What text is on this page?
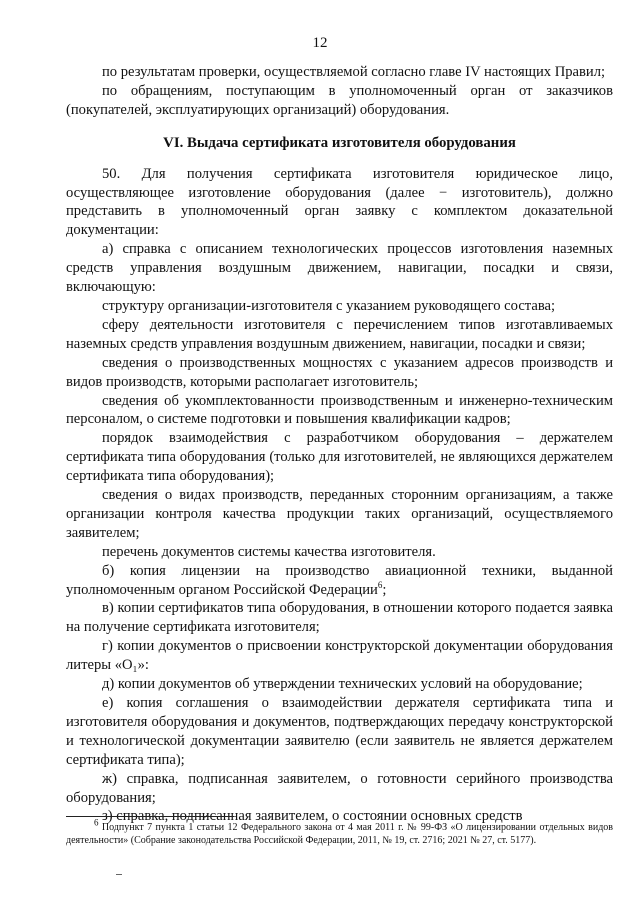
12

по результатам проверки, осуществляемой согласно главе IV настоящих Правил;

по обращениям, поступающим в уполномоченный орган от заказчиков (покупателей, эксплуатирующих организаций) оборудования.

VI. Выдача сертификата изготовителя оборудования

50. Для получения сертификата изготовителя юридическое лицо, осуществляющее изготовление оборудования (далее − изготовитель), должно представить в уполномоченный орган заявку с комплектом доказательной документации:

а) справка с описанием технологических процессов изготовления наземных средств управления воздушным движением, навигации, посадки и связи, включающую:

структуру организации-изготовителя с указанием руководящего состава;

сферу деятельности изготовителя с перечислением типов изготавливаемых наземных средств управления воздушным движением, навигации, посадки и связи;

сведения о производственных мощностях с указанием адресов производств и видов производств, которыми располагает изготовитель;

сведения об укомплектованности производственным и инженерно-техническим персоналом, о системе подготовки и повышения квалификации кадров;

порядок взаимодействия с разработчиком оборудования – держателем сертификата типа оборудования (только для изготовителей, не являющихся держателем сертификата типа оборудования);

сведения о видах производств, переданных сторонним организациям, а также организации контроля качества продукции таких организаций, осуществляемого заявителем;

перечень документов системы качества изготовителя.

б) копия лицензии на производство авиационной техники, выданной уполномоченным органом Российской Федерации$^6$;

в) копии сертификатов типа оборудования, в отношении которого подается заявка на получение сертификата изготовителя;

г) копии документов о присвоении конструкторской документации оборудования литеры «О₁»:

д) копии документов об утверждении технических условий на оборудование;

е) копия соглашения о взаимодействии держателя сертификата типа и изготовителя оборудования и документов, подтверждающих передачу конструкторской и технологической документации заявителю (если заявитель не является держателем сертификата типа);

ж) справка, подписанная заявителем, о готовности серийного производства оборудования;

з) справка, подписанная заявителем, о состоянии основных средств

$^6$ Подпункт 7 пункта 1 статьи 12 Федерального закона от 4 мая 2011 г. № 99-ФЗ «О лицензировании отдельных видов деятельности» (Собрание законодательства Российской Федерации, 2011, № 19, ст. 2716; 2021 № 27, ст. 5177).
